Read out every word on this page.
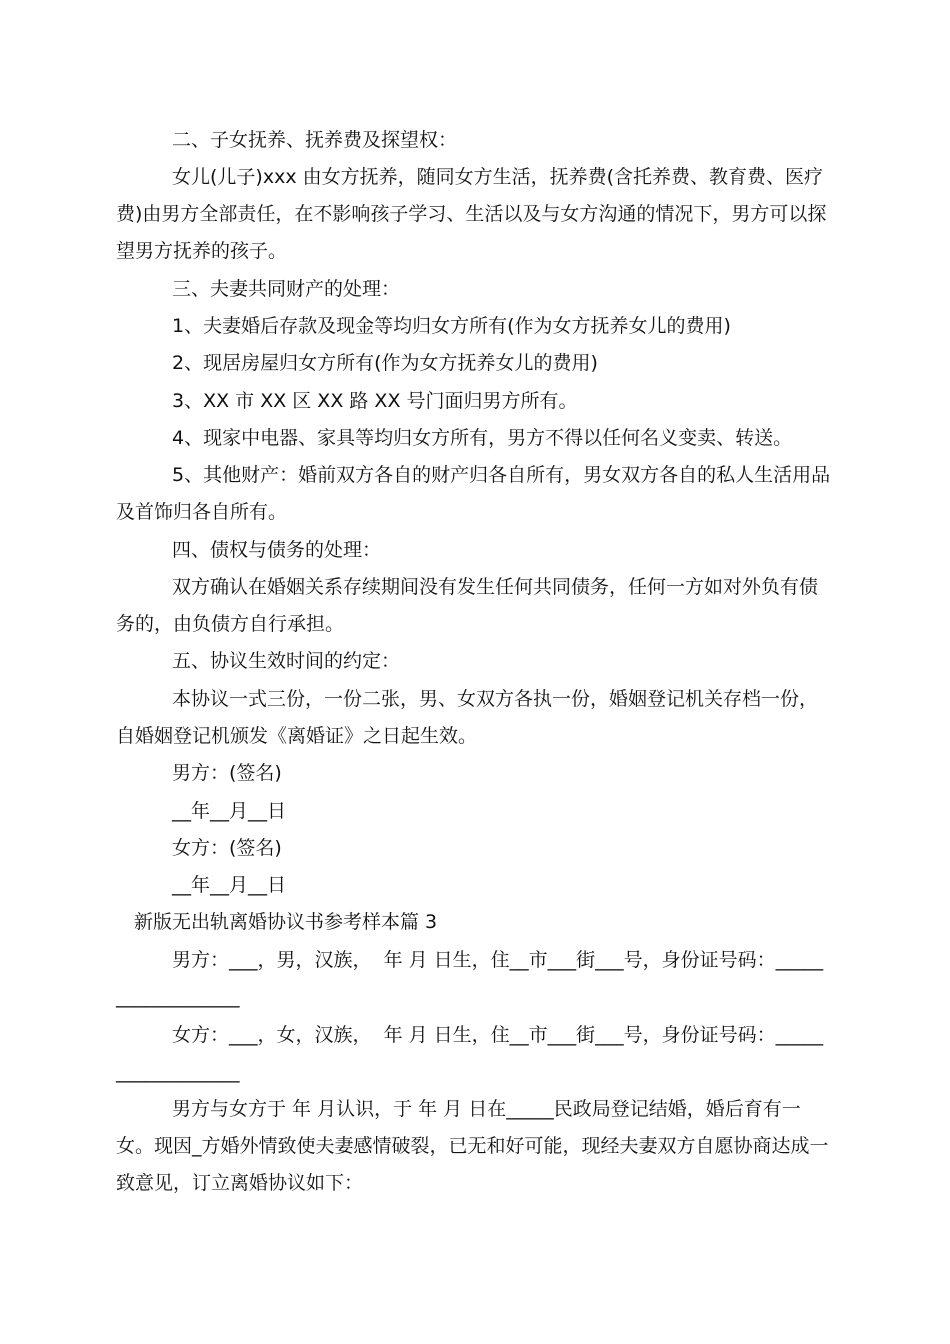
二、子女抚养、抚养费及探望权：
女儿(儿子)xxx 由女方抚养，随同女方生活，抚养费(含托养费、教育费、医疗
费)由男方全部责任，在不影响孩子学习、生活以及与女方沟通的情况下，男方可以探
望男方抚养的孩子。
三、夫妻共同财产的处理：
1、夫妻婚后存款及现金等均归女方所有(作为女方抚养女儿的费用)
2、现居房屋归女方所有(作为女方抚养女儿的费用)
3、XX 市 XX 区 XX 路 XX 号门面归男方所有。
4、现家中电器、家具等均归女方所有，男方不得以任何名义变卖、转送。
5、其他财产：婚前双方各自的财产归各自所有，男女双方各自的私人生活用品
及首饰归各自所有。
四、债权与债务的处理：
双方确认在婚姻关系存续期间没有发生任何共同债务，任何一方如对外负有债
务的，由负债方自行承担。
五、协议生效时间的约定：
本协议一式三份，一份二张，男、女双方各执一份，婚姻登记机关存档一份，
自婚姻登记机颁发《离婚证》之日起生效。
男方：(签名)
__年__月__日
女方：(签名)
__年__月__日
新版无出轨离婚协议书参考样本篇 3
男方：___，男，汉族，  年 月 日生，住__市___街___号，身份证号码：_____
_____________
女方：___，女，汉族，  年 月 日生，住__市___街___号，身份证号码：_____
_____________
男方与女方于 年 月认识，于 年 月 日在_____民政局登记结婚，婚后育有一
女。现因_方婚外情致使夫妻感情破裂，已无和好可能，现经夫妻双方自愿协商达成一
致意见，订立离婚协议如下：
